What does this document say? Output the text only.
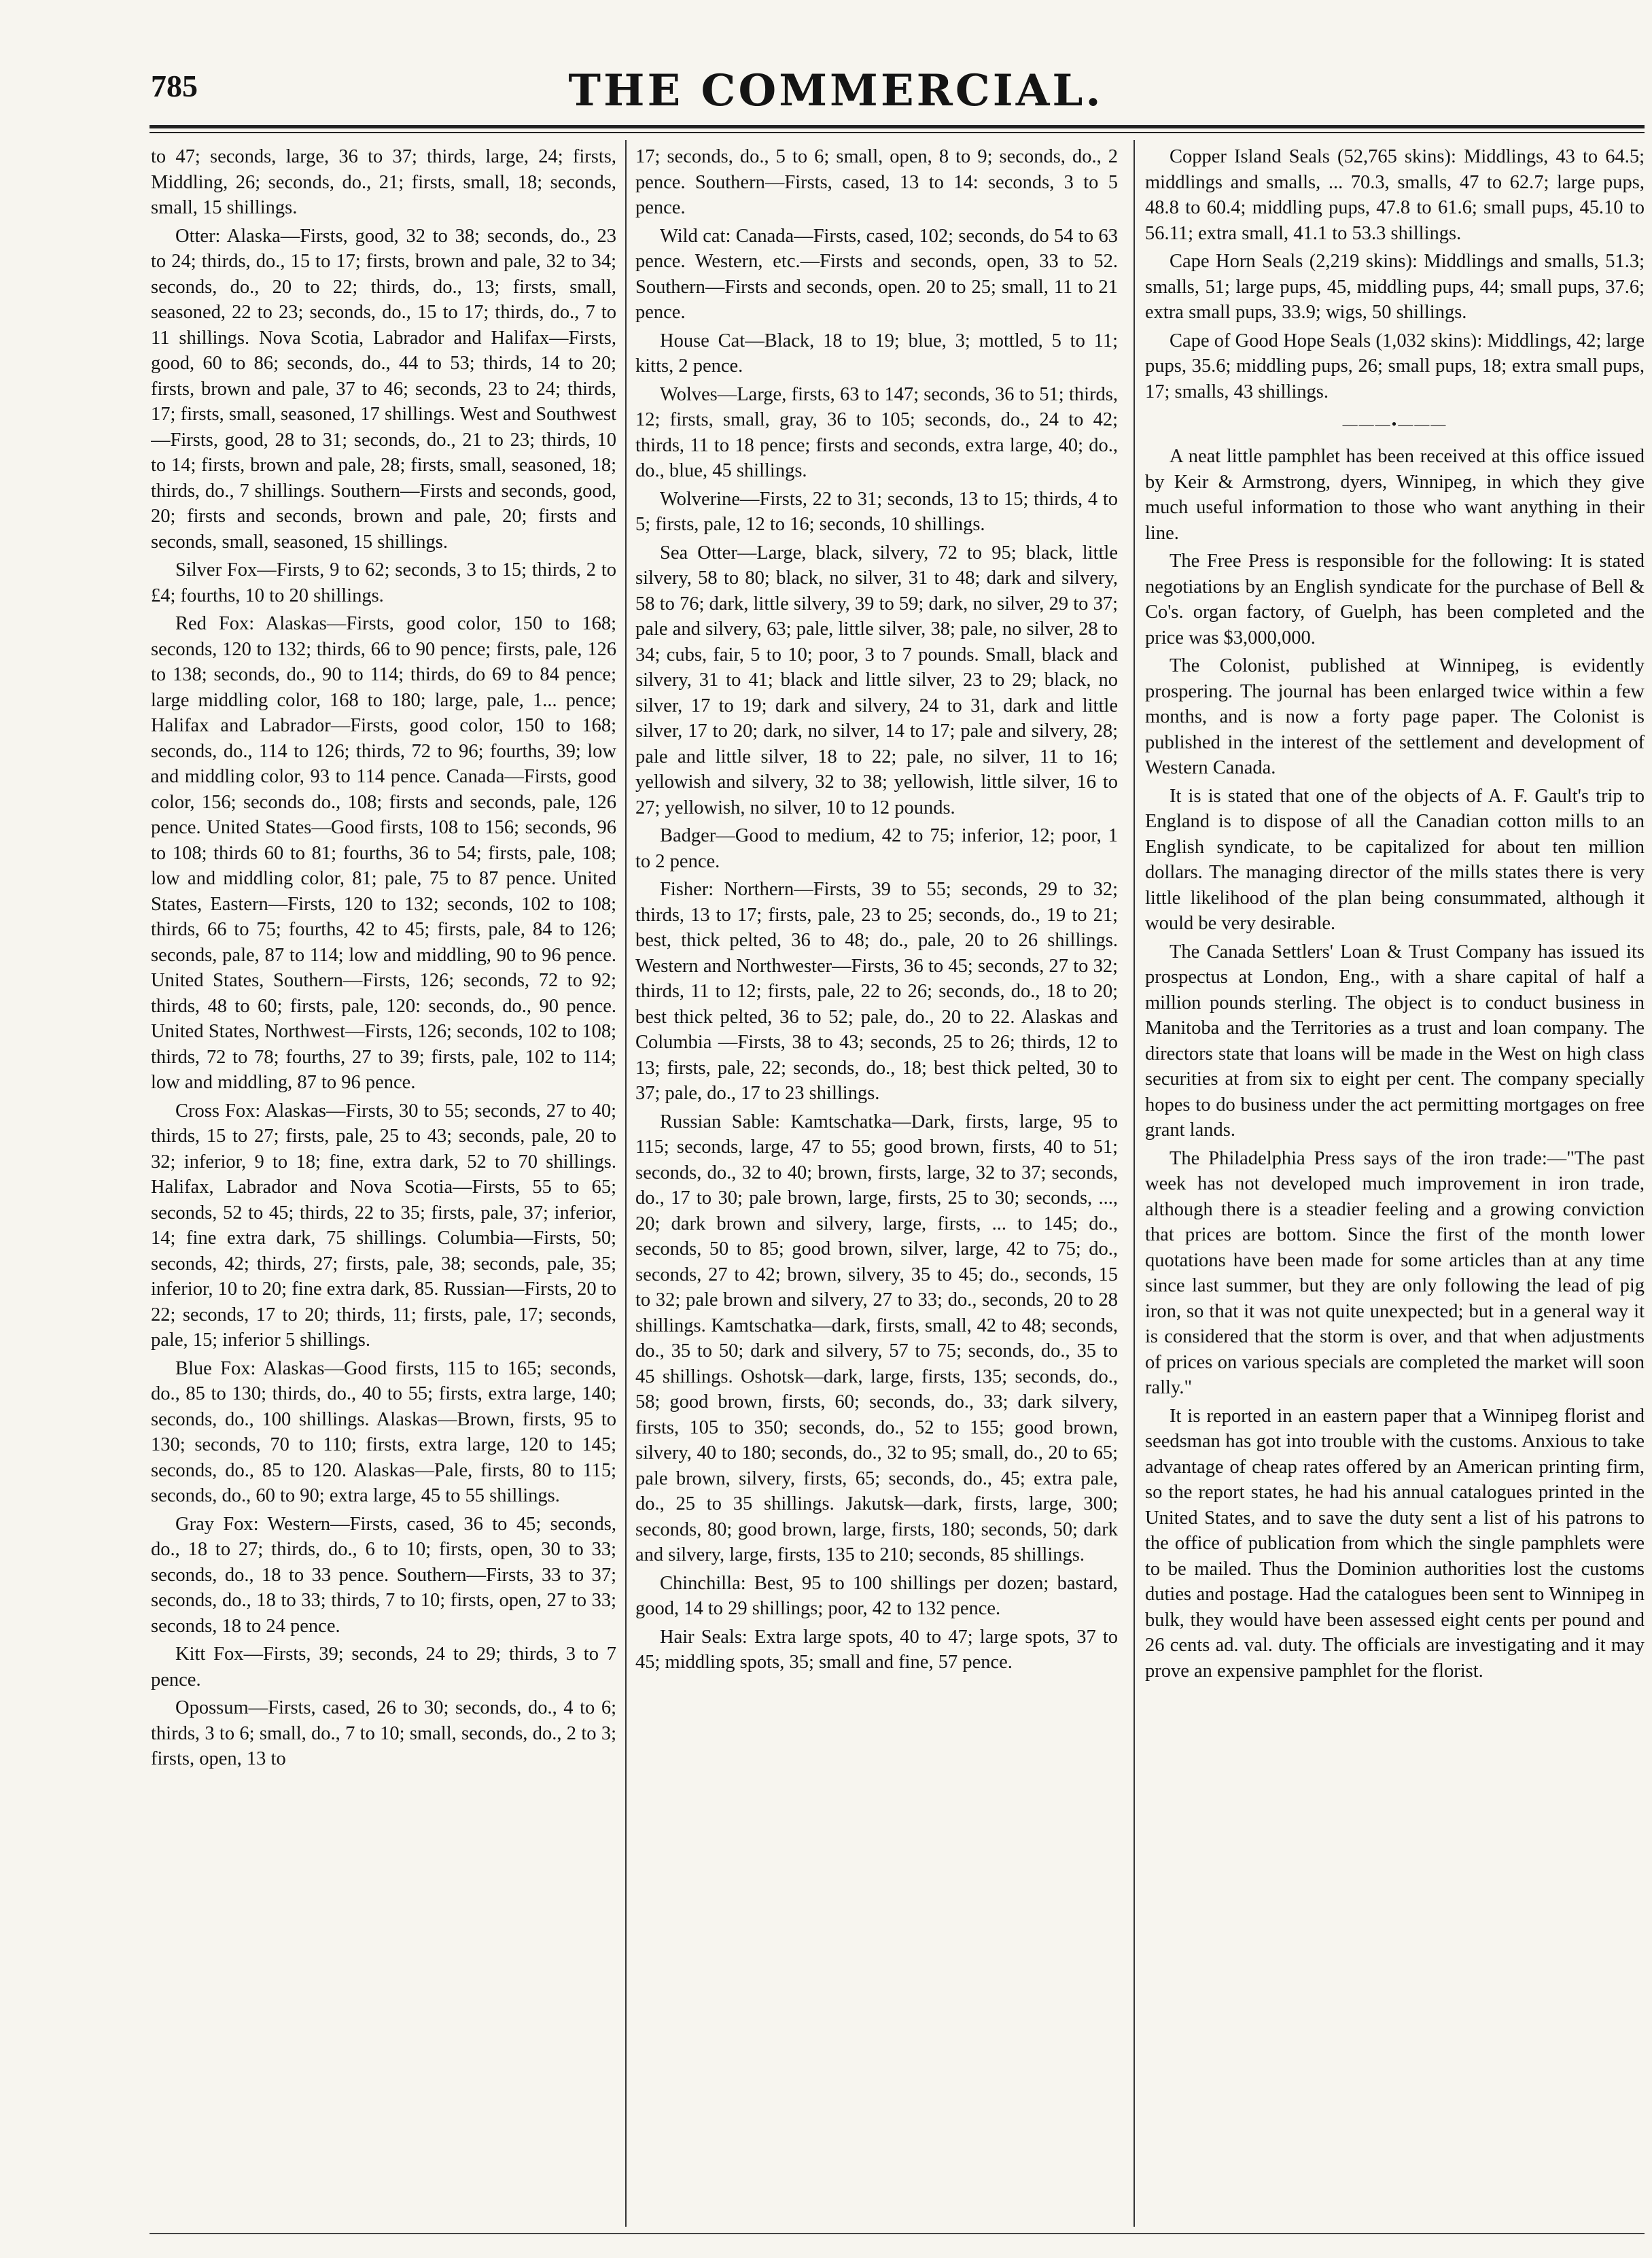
785	THE COMMERCIAL.

to 47; seconds, large, 36 to 37; thirds, large, 24; firsts, Middling, 26; seconds, do., 21; firsts, small, 18; seconds, small, 15 shillings.

Otter: Alaska—Firsts, good, 32 to 38; seconds, do., 23 to 24; thirds, do., 15 to 17; firsts, brown and pale, 32 to 34; seconds, do., 20 to 22; thirds, do., 13; firsts, small, seasoned, 22 to 23; seconds, do., 15 to 17; thirds, do., 7 to 11 shillings. Nova Scotia, Labrador and Halifax—Firsts, good, 60 to 86; seconds, do., 44 to 53; thirds, 14 to 20; firsts, brown and pale, 37 to 46; seconds, 23 to 24; thirds, 17; firsts, small, seasoned, 17 shillings. West and Southwest—Firsts, good, 28 to 31; seconds, do., 21 to 23; thirds, 10 to 14; firsts, brown and pale, 28; firsts, small, seasoned, 18; thirds, do., 7 shillings. Southern—Firsts and seconds, good, 20; firsts and seconds, brown and pale, 20; firsts and seconds, small, seasoned, 15 shillings.

Silver Fox—Firsts, 9 to 62; seconds, 3 to 15; thirds, 2 to £4; fourths, 10 to 20 shillings.

Red Fox: Alaskas—Firsts, good color, 150 to 168; seconds, 120 to 132; thirds, 66 to 90 pence; firsts, pale, 126 to 138; seconds, do., 90 to 114; thirds, do 69 to 84 pence; large middling color, 168 to 180; large, pale, 1... pence; Halifax and Labrador—Firsts, good color, 150 to 168; seconds, do., 114 to 126; thirds, 72 to 96; fourths, 39; low and middling color, 93 to 114 pence. Canada—Firsts, good color, 156; seconds do., 108; firsts and seconds, pale, 126 pence. United States—Good firsts, 108 to 156; seconds, 96 to 108; thirds 60 to 81; fourths, 36 to 54; firsts, pale, 108; low and middling color, 81; pale, 75 to 87 pence. United States, Eastern—Firsts, 120 to 132; seconds, 102 to 108; thirds, 66 to 75; fourths, 42 to 45; firsts, pale, 84 to 126; seconds, pale, 87 to 114; low and middling, 90 to 96 pence. United States, Southern—Firsts, 126; seconds, 72 to 92; thirds, 48 to 60; firsts, pale, 120: seconds, do., 90 pence. United States, Northwest—Firsts, 126; seconds, 102 to 108; thirds, 72 to 78; fourths, 27 to 39; firsts, pale, 102 to 114; low and middling, 87 to 96 pence.

Cross Fox: Alaskas—Firsts, 30 to 55; seconds, 27 to 40; thirds, 15 to 27; firsts, pale, 25 to 43; seconds, pale, 20 to 32; inferior, 9 to 18; fine, extra dark, 52 to 70 shillings. Halifax, Labrador and Nova Scotia—Firsts, 55 to 65; seconds, 52 to 45; thirds, 22 to 35; firsts, pale, 37; inferior, 14; fine extra dark, 75 shillings. Columbia—Firsts, 50; seconds, 42; thirds, 27; firsts, pale, 38; seconds, pale, 35; inferior, 10 to 20; fine extra dark, 85. Russian—Firsts, 20 to 22; seconds, 17 to 20; thirds, 11; firsts, pale, 17; seconds, pale, 15; inferior 5 shillings.

Blue Fox: Alaskas—Good firsts, 115 to 165; seconds, do., 85 to 130; thirds, do., 40 to 55; firsts, extra large, 140; seconds, do., 100 shillings. Alaskas—Brown, firsts, 95 to 130; seconds, 70 to 110; firsts, extra large, 120 to 145; seconds, do., 85 to 120. Alaskas—Pale, firsts, 80 to 115; seconds, do., 60 to 90; extra large, 45 to 55 shillings.

Gray Fox: Western—Firsts, cased, 36 to 45; seconds, do., 18 to 27; thirds, do., 6 to 10; firsts, open, 30 to 33; seconds, do., 18 to 33 pence. Southern—Firsts, 33 to 37; seconds, do., 18 to 33; thirds, 7 to 10; firsts, open, 27 to 33; seconds, 18 to 24 pence.

Kitt Fox—Firsts, 39; seconds, 24 to 29; thirds, 3 to 7 pence.

Opossum—Firsts, cased, 26 to 30; seconds, do., 4 to 6; thirds, 3 to 6; small, do., 7 to 10; small, seconds, do., 2 to 3; firsts, open, 13 to

17; seconds, do., 5 to 6; small, open, 8 to 9; seconds, do., 2 pence. Southern—Firsts, cased, 13 to 14: seconds, 3 to 5 pence.

Wild cat: Canada—Firsts, cased, 102; seconds, do 54 to 63 pence. Western, etc.—Firsts and seconds, open, 33 to 52. Southern—Firsts and seconds, open. 20 to 25; small, 11 to 21 pence.

House Cat—Black, 18 to 19; blue, 3; mottled, 5 to 11; kitts, 2 pence.

Wolves—Large, firsts, 63 to 147; seconds, 36 to 51; thirds, 12; firsts, small, gray, 36 to 105; seconds, do., 24 to 42; thirds, 11 to 18 pence; firsts and seconds, extra large, 40; do., do., blue, 45 shillings.

Wolverine—Firsts, 22 to 31; seconds, 13 to 15; thirds, 4 to 5; firsts, pale, 12 to 16; seconds, 10 shillings.

Sea Otter—Large, black, silvery, 72 to 95; black, little silvery, 58 to 80; black, no silver, 31 to 48; dark and silvery, 58 to 76; dark, little silvery, 39 to 59; dark, no silver, 29 to 37; pale and silvery, 63; pale, little silver, 38; pale, no silver, 28 to 34; cubs, fair, 5 to 10; poor, 3 to 7 pounds. Small, black and silvery, 31 to 41; black and little silver, 23 to 29; black, no silver, 17 to 19; dark and silvery, 24 to 31, dark and little silver, 17 to 20; dark, no silver, 14 to 17; pale and silvery, 28; pale and little silver, 18 to 22; pale, no silver, 11 to 16; yellowish and silvery, 32 to 38; yellowish, little silver, 16 to 27; yellowish, no silver, 10 to 12 pounds.

Badger—Good to medium, 42 to 75; inferior, 12; poor, 1 to 2 pence.

Fisher: Northern—Firsts, 39 to 55; seconds, 29 to 32; thirds, 13 to 17; firsts, pale, 23 to 25; seconds, do., 19 to 21; best, thick pelted, 36 to 48; do., pale, 20 to 26 shillings. Western and Northwester—Firsts, 36 to 45; seconds, 27 to 32; thirds, 11 to 12; firsts, pale, 22 to 26; seconds, do., 18 to 20; best thick pelted, 36 to 52; pale, do., 20 to 22. Alaskas and Columbia —Firsts, 38 to 43; seconds, 25 to 26; thirds, 12 to 13; firsts, pale, 22; seconds, do., 18; best thick pelted, 30 to 37; pale, do., 17 to 23 shillings.

Russian Sable: Kamtschatka—Dark, firsts, large, 95 to 115; seconds, large, 47 to 55; good brown, firsts, 40 to 51; seconds, do., 32 to 40; brown, firsts, large, 32 to 37; seconds, do., 17 to 30; pale brown, large, firsts, 25 to 30; seconds, ..., 20; dark brown and silvery, large, firsts, ... to 145; do., seconds, 50 to 85; good brown, silver, large, 42 to 75; do., seconds, 27 to 42; brown, silvery, 35 to 45; do., seconds, 15 to 32; pale brown and silvery, 27 to 33; do., seconds, 20 to 28 shillings. Kamtschatka—dark, firsts, small, 42 to 48; seconds, do., 35 to 50; dark and silvery, 57 to 75; seconds, do., 35 to 45 shillings. Oshotsk—dark, large, firsts, 135; seconds, do., 58; good brown, firsts, 60; seconds, do., 33; dark silvery, firsts, 105 to 350; seconds, do., 52 to 155; good brown, silvery, 40 to 180; seconds, do., 32 to 95; small, do., 20 to 65; pale brown, silvery, firsts, 65; seconds, do., 45; extra pale, do., 25 to 35 shillings. Jakutsk—dark, firsts, large, 300; seconds, 80; good brown, large, firsts, 180; seconds, 50; dark and silvery, large, firsts, 135 to 210; seconds, 85 shillings.

Chinchilla: Best, 95 to 100 shillings per dozen; bastard, good, 14 to 29 shillings; poor, 42 to 132 pence.

Hair Seals: Extra large spots, 40 to 47; large spots, 37 to 45; middling spots, 35; small and fine, 57 pence.

Copper Island Seals (52,765 skins): Middlings, 43 to 64.5; middlings and smalls, ... 70.3, smalls, 47 to 62.7; large pups, 48.8 to 60.4; middling pups, 47.8 to 61.6; small pups, 45.10 to 56.11; extra small, 41.1 to 53.3 shillings.

Cape Horn Seals (2,219 skins): Middlings and smalls, 51.3; smalls, 51; large pups, 45, middling pups, 44; small pups, 37.6; extra small pups, 33.9; wigs, 50 shillings.

Cape of Good Hope Seals (1,032 skins): Middlings, 42; large pups, 35.6; middling pups, 26; small pups, 18; extra small pups, 17; smalls, 43 shillings.

———•———

A neat little pamphlet has been received at this office issued by Keir & Armstrong, dyers, Winnipeg, in which they give much useful information to those who want anything in their line.

The Free Press is responsible for the following: It is stated negotiations by an English syndicate for the purchase of Bell & Co's. organ factory, of Guelph, has been completed and the price was $3,000,000.

The Colonist, published at Winnipeg, is evidently prospering. The journal has been enlarged twice within a few months, and is now a forty page paper. The Colonist is published in the interest of the settlement and development of Western Canada.

It is is stated that one of the objects of A. F. Gault's trip to England is to dispose of all the Canadian cotton mills to an English syndicate, to be capitalized for about ten million dollars. The managing director of the mills states there is very little likelihood of the plan being consummated, although it would be very desirable.

The Canada Settlers' Loan & Trust Company has issued its prospectus at London, Eng., with a share capital of half a million pounds sterling. The object is to conduct business in Manitoba and the Territories as a trust and loan company. The directors state that loans will be made in the West on high class securities at from six to eight per cent. The company specially hopes to do business under the act permitting mortgages on free grant lands.

The Philadelphia Press says of the iron trade:—"The past week has not developed much improvement in iron trade, although there is a steadier feeling and a growing conviction that prices are bottom. Since the first of the month lower quotations have been made for some articles than at any time since last summer, but they are only following the lead of pig iron, so that it was not quite unexpected; but in a general way it is considered that the storm is over, and that when adjustments of prices on various specials are completed the market will soon rally."

It is reported in an eastern paper that a Winnipeg florist and seedsman has got into trouble with the customs. Anxious to take advantage of cheap rates offered by an American printing firm, so the report states, he had his annual catalogues printed in the United States, and to save the duty sent a list of his patrons to the office of publication from which the single pamphlets were to be mailed. Thus the Dominion authorities lost the customs duties and postage. Had the catalogues been sent to Winnipeg in bulk, they would have been assessed eight cents per pound and 26 cents ad. val. duty. The officials are investigating and it may prove an expensive pamphlet for the florist.
